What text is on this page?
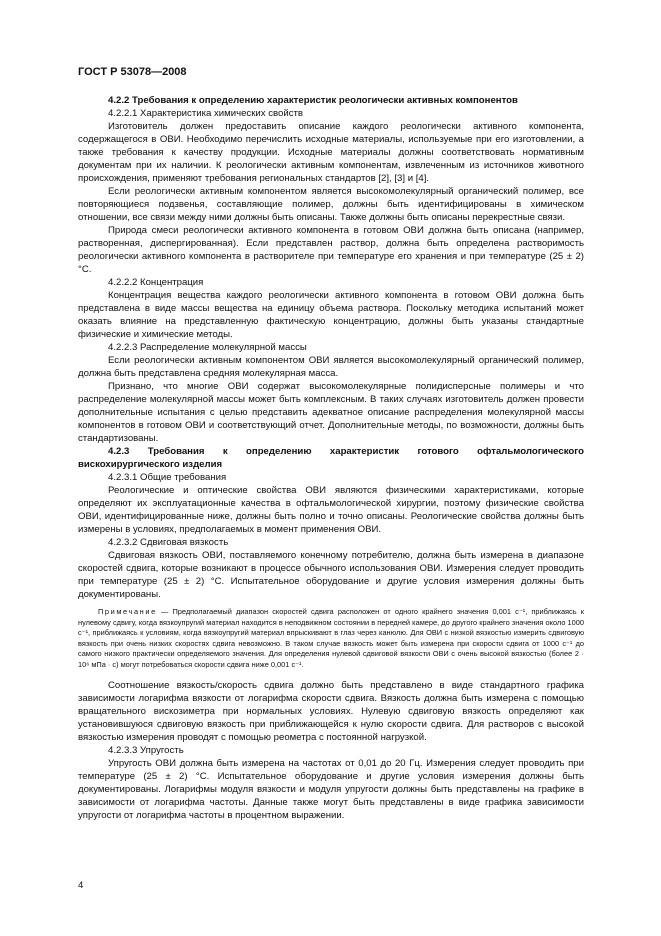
ГОСТ Р 53078—2008

4.2.2 Требования к определению характеристик реологически активных компонентов

4.2.2.1 Характеристика химических свойств

Изготовитель должен предоставить описание каждого реологически активного компонента, содержащегося в ОВИ. Необходимо перечислить исходные материалы, используемые при его изготовлении, а также требования к качеству продукции. Исходные материалы должны соответствовать нормативным документам при их наличии. К реологически активным компонентам, извлеченным из источников животного происхождения, применяют требования региональных стандартов [2], [3] и [4].

Если реологически активным компонентом является высокомолекулярный органический полимер, все повторяющиеся подзвенья, составляющие полимер, должны быть идентифицированы в химическом отношении, все связи между ними должны быть описаны. Также должны быть описаны перекрестные связи.

Природа смеси реологически активного компонента в готовом ОВИ должна быть описана (например, растворенная, диспергированная). Если представлен раствор, должна быть определена растворимость реологически активного компонента в растворителе при температуре его хранения и при температуре (25 ± 2) °С.

4.2.2.2 Концентрация

Концентрация вещества каждого реологически активного компонента в готовом ОВИ должна быть представлена в виде массы вещества на единицу объема раствора. Поскольку методика испытаний может оказать влияние на представленную фактическую концентрацию, должны быть указаны стандартные физические и химические методы.

4.2.2.3 Распределение молекулярной массы

Если реологически активным компонентом ОВИ является высокомолекулярный органический полимер, должна быть представлена средняя молекулярная масса.

Признано, что многие ОВИ содержат высокомолекулярные полидисперсные полимеры и что распределение молекулярной массы может быть комплексным. В таких случаях изготовитель должен провести дополнительные испытания с целью представить адекватное описание распределения молекулярной массы компонентов в готовом ОВИ и соответствующий отчет. Дополнительные методы, по возможности, должны быть стандартизованы.

4.2.3 Требования к определению характеристик готового офтальмологического вискохирургического изделия

4.2.3.1 Общие требования

Реологические и оптические свойства ОВИ являются физическими характеристиками, которые определяют их эксплуатационные качества в офтальмологической хирургии, поэтому физические свойства ОВИ, идентифицированные ниже, должны быть полно и точно описаны. Реологические свойства должны быть измерены в условиях, предполагаемых в момент применения ОВИ.

4.2.3.2 Сдвиговая вязкость

Сдвиговая вязкость ОВИ, поставляемого конечному потребителю, должна быть измерена в диапазоне скоростей сдвига, которые возникают в процессе обычного использования ОВИ. Измерения следует проводить при температуре (25 ± 2) °С. Испытательное оборудование и другие условия измерения должны быть документированы.

Примечание — Предполагаемый диапазон скоростей сдвига расположен от одного крайнего значения 0,001 с⁻¹, приближаясь к нулевому сдвигу, когда вязкоупругий материал находится в неподвижном состоянии в передней камере, до другого крайнего значения около 1000 с⁻¹, приближаясь к условиям, когда вязкоупругий материал впрыскивают в глаз через канюлю. Для ОВИ с низкой вязкостью измерить сдвиговую вязкость при очень низких скоростях сдвига невозможно. В таком случае вязкость может быть измерена при скорости сдвига от 1000 с⁻¹ до самого низкого практически определяемого значения. Для определения нулевой сдвиговой вязкости ОВИ с очень высокой вязкостью (более 2 · 10⁶ мПа · с) могут потребоваться скорости сдвига ниже 0,001 с⁻¹.

Соотношение вязкость/скорость сдвига должно быть представлено в виде стандартного графика зависимости логарифма вязкости от логарифма скорости сдвига. Вязкость должна быть измерена с помощью вращательного вискозиметра при нормальных условиях. Нулевую сдвиговую вязкость определяют как установившуюся сдвиговую вязкость при приближающейся к нулю скорости сдвига. Для растворов с высокой вязкостью измерения проводят с помощью реометра с постоянной нагрузкой.

4.2.3.3 Упругость

Упругость ОВИ должна быть измерена на частотах от 0,01 до 20 Гц. Измерения следует проводить при температуре (25 ± 2) °С. Испытательное оборудование и другие условия измерения должны быть документированы. Логарифмы модуля вязкости и модуля упругости должны быть представлены на графике в зависимости от логарифма частоты. Данные также могут быть представлены в виде графика зависимости упругости от логарифма частоты в процентном выражении.

4
